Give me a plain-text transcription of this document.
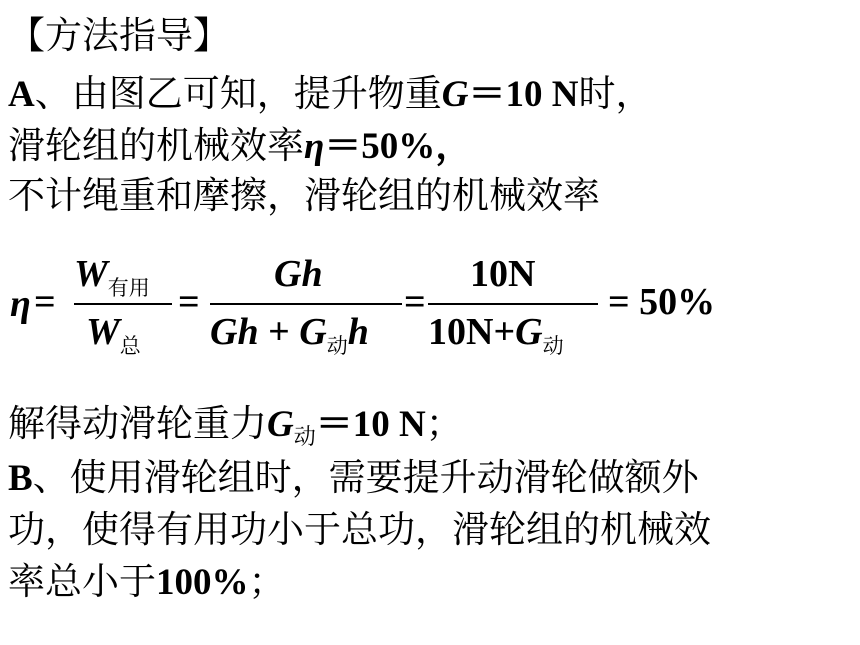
【方法指导】
A、由图乙可知，提升物重G＝10 N时，
滑轮组的机械效率η＝50%，
不计绳重和摩擦，滑轮组的机械效率
η =
$W_{有用}$
$W_总$
=
Gh
$Gh + G_动h$
=
10N
$10N+G_动$
= 50%
解得动滑轮重力$G_动=10$ N；
B、使用滑轮组时，需要提升动滑轮做额外
功，使得有用功小于总功，滑轮组的机械效
率总小于100%；
